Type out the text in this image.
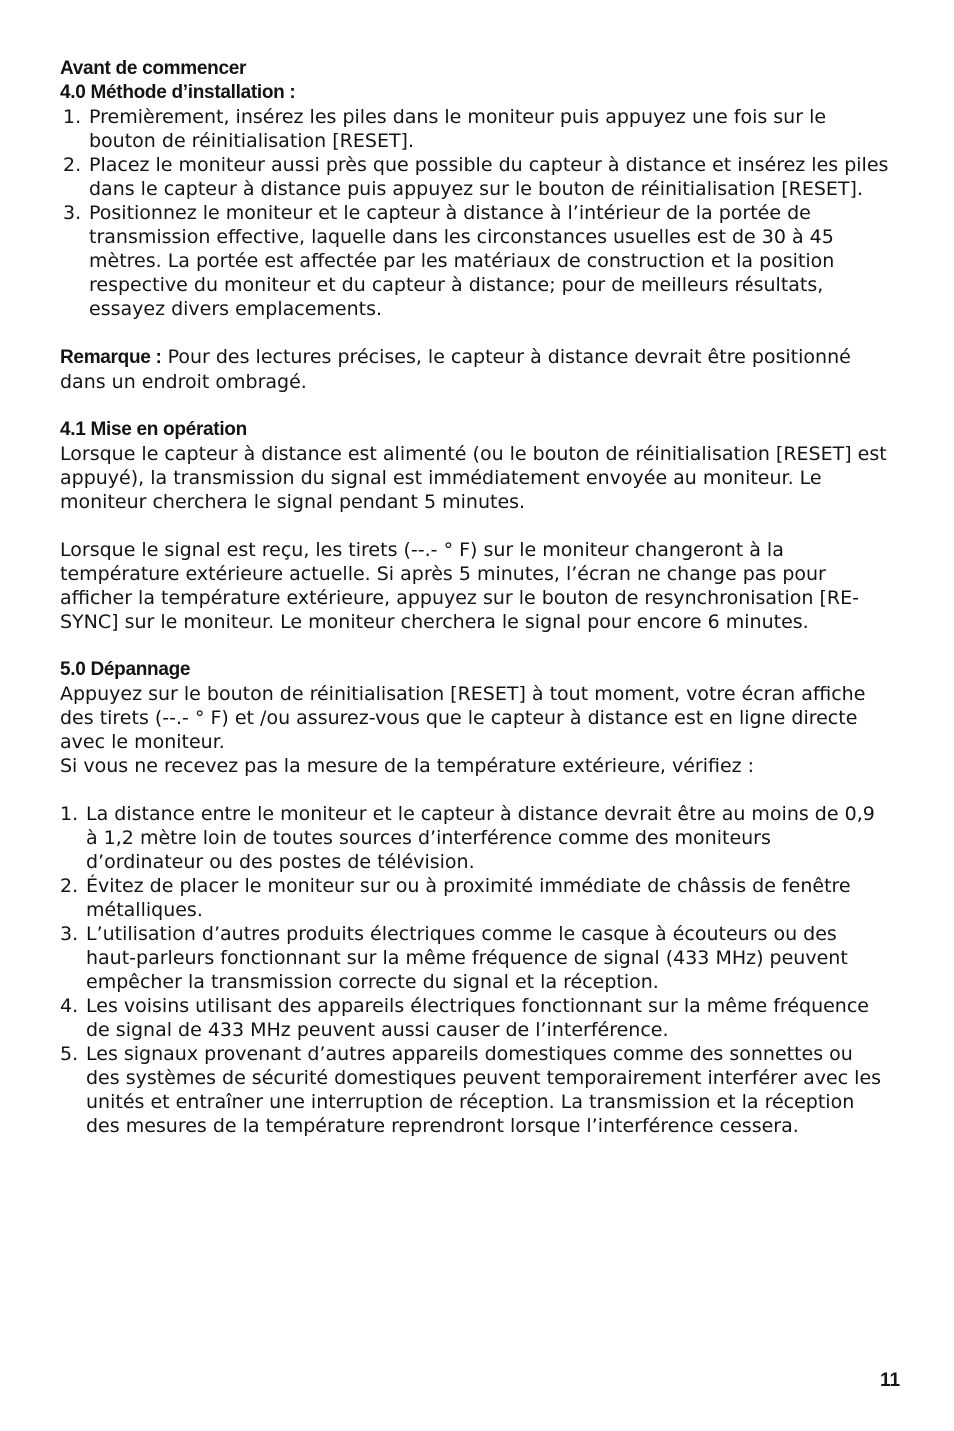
Avant de commencer
4.0 Méthode d’installation :
1. Premièrement, insérez les piles dans le moniteur puis appuyez une fois sur le bouton de réinitialisation [RESET].
2. Placez le moniteur aussi près que possible du capteur à distance et insérez les piles dans le capteur à distance puis appuyez sur le bouton de réinitialisation [RESET].
3. Positionnez le moniteur et le capteur à distance à l’intérieur de la portée de transmission effective, laquelle dans les circonstances usuelles est de 30 à 45 mètres. La portée est affectée par les matériaux de construction et la position respective du moniteur et du capteur à distance; pour de meilleurs résultats, essayez divers emplacements.
Remarque : Pour des lectures précises, le capteur à distance devrait être positionné dans un endroit ombragé.
4.1 Mise en opération
Lorsque le capteur à distance est alimenté (ou le bouton de réinitialisation [RESET] est appuyé), la transmission du signal est immédiatement envoyée au moniteur. Le moniteur cherchera le signal pendant 5 minutes.
Lorsque le signal est reçu, les tirets (--.- ° F) sur le moniteur changeront à la température extérieure actuelle. Si après 5 minutes, l’écran ne change pas pour afficher la température extérieure, appuyez sur le bouton de resynchronisation [RE-SYNC] sur le moniteur. Le moniteur cherchera le signal pour encore 6 minutes.
5.0 Dépannage
Appuyez sur le bouton de réinitialisation [RESET] à tout moment, votre écran affiche des tirets (--.- ° F) et /ou assurez-vous que le capteur à distance est en ligne directe avec le moniteur.
Si vous ne recevez pas la mesure de la température extérieure, vérifiez :
1. La distance entre le moniteur et le capteur à distance devrait être au moins de 0,9 à 1,2 mètre loin de toutes sources d’interférence comme des moniteurs d’ordinateur ou des postes de télévision.
2. Évitez de placer le moniteur sur ou à proximité immédiate de châssis de fenêtre métalliques.
3. L’utilisation d’autres produits électriques comme le casque à écouteurs ou des haut-parleurs fonctionnant sur la même fréquence de signal (433 MHz) peuvent empêcher la transmission correcte du signal et la réception.
4. Les voisins utilisant des appareils électriques fonctionnant sur la même fréquence de signal de 433 MHz peuvent aussi causer de l’interférence.
5. Les signaux provenant d’autres appareils domestiques comme des sonnettes ou des systèmes de sécurité domestiques peuvent temporairement interférer avec les unités et entraîner une interruption de réception. La transmission et la réception des mesures de la température reprendront lorsque l’interférence cessera.
11
